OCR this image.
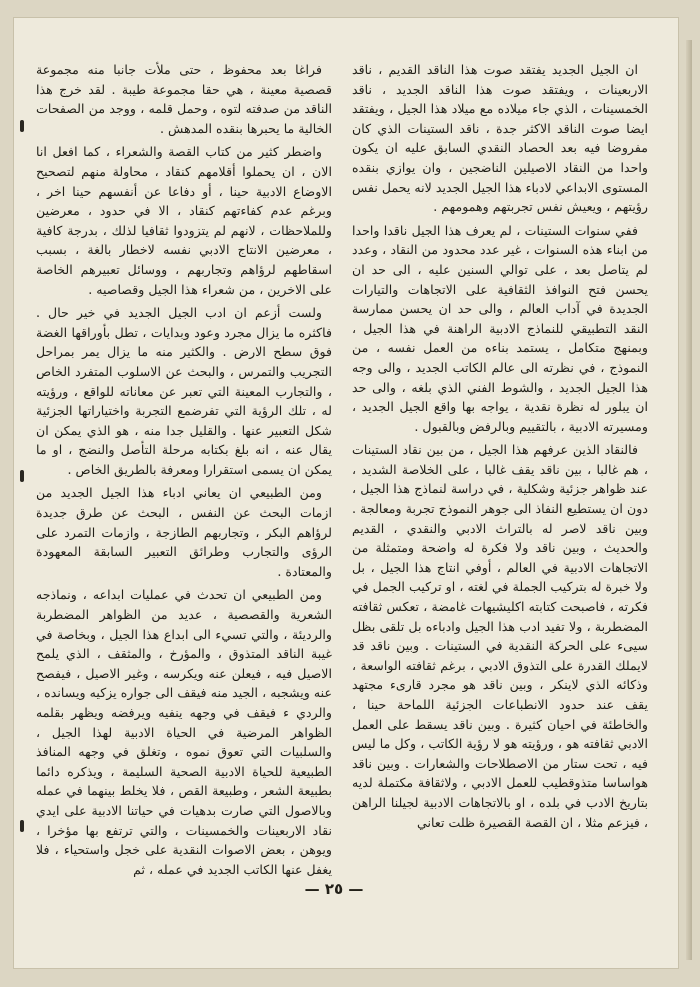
ان الجيل الجديد يفتقد صوت هذا الناقد القديم ، ناقد الاربعينات ، ويفتقد صوت هذا الناقد الجديد ، ناقد الخمسينات ، الذي جاء ميلاده مع ميلاد هذا الجيل ، ويفتقد ايضا صوت الناقد الاكثر جدة ، ناقد الستينات الذي كان مفروضا فيه بعد الحصاد النقدي السابق عليه ان يكون واحدا من النقاد الاصيلين الناضجين ، وان يوازي بنقده المستوى الابداعي لادباء هذا الجيل الجديد لانه يحمل نفس رؤيتهم ، ويعيش نفس تجربتهم وهمومهم .

ففي سنوات الستينات ، لم يعرف هذا الجيل ناقدا واحدا من ابناء هذه السنوات ، غير عدد محدود من النقاد ، وعدد لم يتاصل بعد ، على توالي السنين عليه ، الى حد ان يحسن فتح النوافذ الثقافية على الاتجاهات والتيارات الجديدة في آداب العالم ، والى حد ان يحسن ممارسة النقد التطبيقي للنماذج الادبية الراهنة في هذا الجيل ، وبمنهج متكامل ، يستمد بناءه من العمل نفسه ، من النموذج ، في نظرته الى عالم الكاتب الجديد ، والى وجه هذا الجيل الجديد ، والشوط الفني الذي بلغه ، والى حد ان يبلور له نظرة نقدية ، يواجه بها واقع الجيل الجديد ، ومسيرته الادبية ، بالتقييم وبالرفض وبالقبول .

فالنقاد الذين عرفهم هذا الجيل ، من بين نقاد الستينات ، هم غالبا ، بين ناقد يقف غالبا ، على الخلاصة الشديد ، عند ظواهر جزئية وشكلية ، في دراسة لنماذج هذا الجيل ، دون ان يستطيع النفاذ الى جوهر النموذج تجربة ومعالجة . وبين ناقد لاصر له بالتراث الادبي والنقدي ، القديم والحديث ، وبين ناقد ولا فكرة له واضحة ومتمثلة من الاتجاهات الادبية في العالم ، أوفي انتاج هذا الجيل ، بل ولا خبرة له بتركيب الجملة في لغته ، او تركيب الجمل في فكرته ، فاصبحت كتابته اكليشيهات غامضة ، تعكس ثقافته المضطربة ، ولا تفيد ادب هذا الجيل وادباءه بل تلقى بظل سيىء على الحركة النقدية في الستينات . وبين ناقد قد لايملك القدرة على التذوق الادبي ، برغم ثقافته الواسعة ، وذكائه الذي لاينكر ، وبين ناقد هو مجرد قارىء مجتهد يقف عند حدود الانطباعات الجزئية اللماحة حينا ، والخاطئة في احيان كثيرة . وبين ناقد يسقط على العمل الادبي ثقافته هو ، ورؤيته هو لا رؤية الكاتب ، وكل ما ليس فيه ، تحت ستار من الاصطلاحات والشعارات . وبين ناقد هواساسا متذوقطيب للعمل الادبي ، ولاثقافة مكتملة لديه بتاريخ الادب في بلده ، او بالاتجاهات الادبية لجيلنا الراهن ، فيزعم مثلا ، ان القصة القصيرة ظلت تعاني

فراغا بعد محفوظ ، حتى ملأت جانبا منه مجموعة قصصية معينة ، هي حقا مجموعة طيبة . لقد خرج هذا الناقد من صدفته لتوه ، وحمل قلمه ، ووجد من الصفحات الخالية ما يحبرها بنقده المدهش .

واضطر كثير من كتاب القصة والشعراء ، كما افعل انا الان ، ان يحملوا أقلامهم كنقاد ، محاولة منهم لتصحيح الاوضاع الادبية حينا ، أو دفاعا عن أنفسهم حينا اخر ، وبرغم عدم كفاءتهم كنقاد ، الا في حدود ، معرضين وللملاحظات ، لانهم لم يتزودوا ثقافيا لذلك ، بدرجة كافية ، معرضين الانتاج الادبي نفسه لاخطار بالغة ، بسبب اسقاطهم لرؤاهم وتجاربهم ، ووسائل تعبيرهم الخاصة على الاخرين ، من شعراء هذا الجيل وقصاصيه .

ولست أزعم ان ادب الجيل الجديد في خير حال . فاكثره ما يزال مجرد وعود وبدايات ، تطل بأوراقها الغضة فوق سطح الارض . والكثير منه ما يزال يمر بمراحل التجريب والتمرس ، والبحث عن الاسلوب المتفرد الخاص ، والتجارب المعينة التي تعبر عن معاناته للواقع ، ورؤيته له ، تلك الرؤية التي تفرضمع التجربة واختياراتها الجزئية شكل التعبير عنها . والقليل جدا منه ، هو الذي يمكن ان يقال عنه ، انه بلغ بكتابه مرحلة التأصل والنضج ، او ما يمكن ان يسمى استقرارا ومعرفة بالطريق الخاص .

ومن الطبيعي ان يعاني ادباء هذا الجيل الجديد من ازمات البحث عن النفس ، البحث عن طرق جديدة لرؤاهم البكر ، وتجاربهم الطازجة ، وازمات التمرد على الرؤى والتجارب وطرائق التعبير السابقة المعهودة والمعتادة .

ومن الطبيعي ان تحدث في عمليات ابداعه ، ونماذجه الشعرية والقصصية ، عديد من الظواهر المضطربة والرديئة ، والتي تسيء الى ابداع هذا الجيل ، وبخاصة في غيبة الناقد المتذوق ، والمؤرخ ، والمثقف ، الذي يلمح الاصيل فيه ، فيعلن عنه ويكرسه ، وغير الاصيل ، فيفصح عنه ويشجبه ، الجيد منه فيقف الى جواره يزكيه ويسانده ، والردي ء فيقف في وجهه ينفيه ويرفضه ويظهر بقلمه الظواهر المرضية في الحياة الادبية لهذا الجيل ، والسلبيات التي تعوق نموه ، وتغلق في وجهه المنافذ الطبيعية للحياة الادبية الصحية السليمة ، ويذكره دائما بطبيعة الشعر ، وطبيعة القص ، فلا يخلط بينهما في عمله وبالاصول التي صارت بدهيات في حياتنا الادبية على ايدي نقاد الاربعينات والخمسينات ، والتي ترتفع بها مؤخرا ، ويوهن ، بعض الاصوات النقدية على خجل واستحياء ، فلا يغفل عنها الكاتب الجديد في عمله ، ثم

— ٢٥ —
